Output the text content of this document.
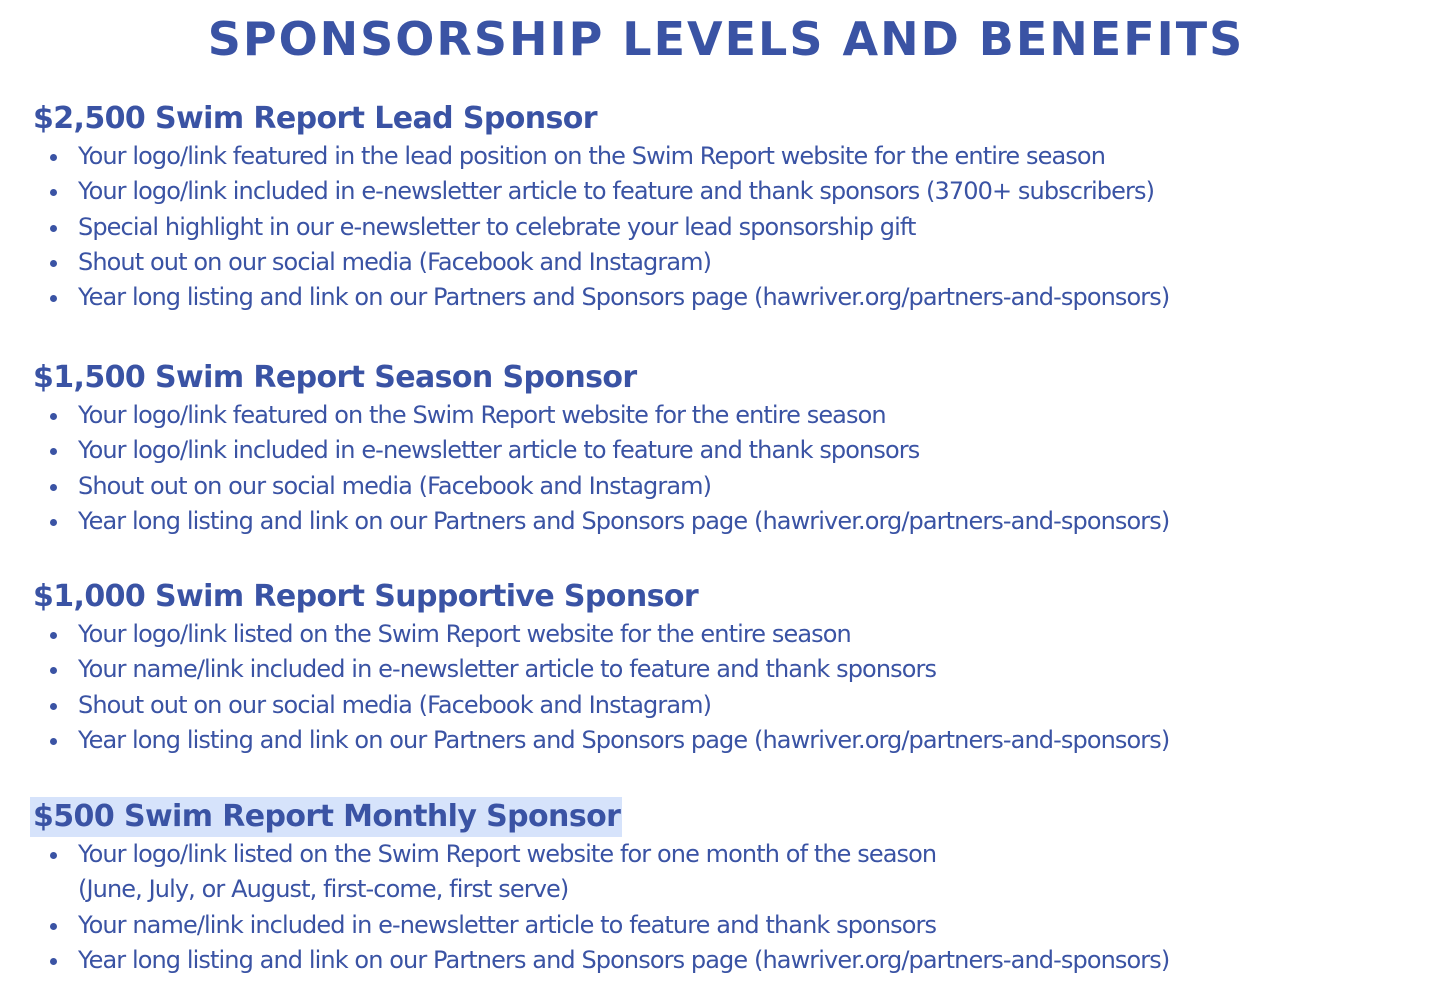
SPONSORSHIP LEVELS AND BENEFITS
$2,500 Swim Report Lead Sponsor
Your logo/link featured in the lead position on the Swim Report website for the entire season
Your logo/link included in e-newsletter article to feature and thank sponsors (3700+ subscribers)
Special highlight in our e-newsletter to celebrate your lead sponsorship gift
Shout out on our social media (Facebook and Instagram)
Year long listing and link on our Partners and Sponsors page (hawriver.org/partners-and-sponsors)
$1,500 Swim Report Season Sponsor
Your logo/link featured on the Swim Report website for the entire season
Your logo/link included in e-newsletter article to feature and thank sponsors
Shout out on our social media (Facebook and Instagram)
Year long listing and link on our Partners and Sponsors page (hawriver.org/partners-and-sponsors)
$1,000 Swim Report Supportive Sponsor
Your logo/link listed on the Swim Report website for the entire season
Your name/link included in e-newsletter article to feature and thank sponsors
Shout out on our social media (Facebook and Instagram)
Year long listing and link on our Partners and Sponsors page (hawriver.org/partners-and-sponsors)
$500 Swim Report Monthly Sponsor
Your logo/link listed on the Swim Report website for one month of the season
(June, July, or August, first-come, first serve)
Your name/link included in e-newsletter article to feature and thank sponsors
Year long listing and link on our Partners and Sponsors page (hawriver.org/partners-and-sponsors)
